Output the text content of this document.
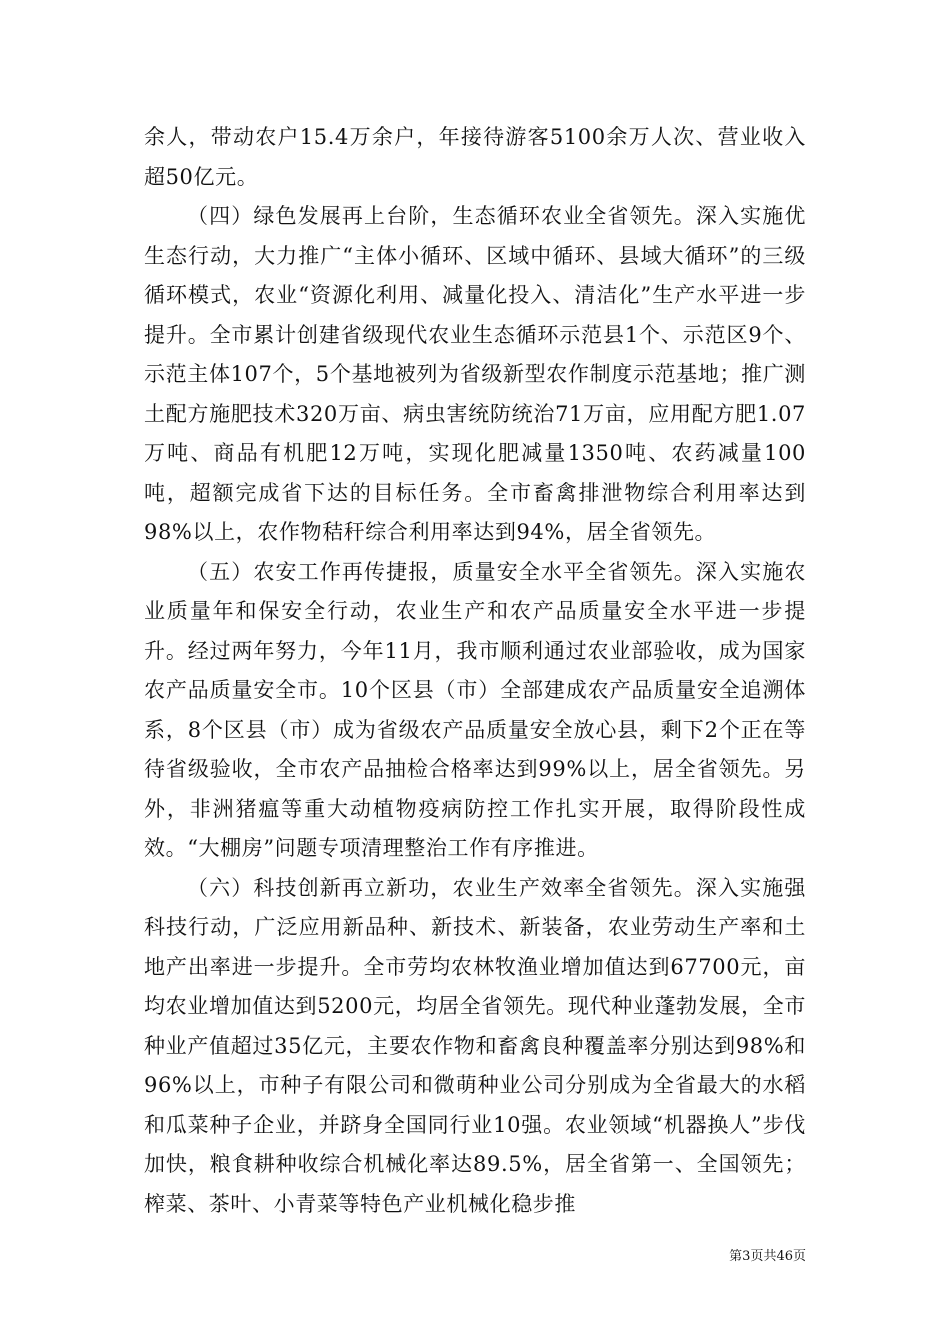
余人，带动农户15.4万余户，年接待游客5100余万人次、营业收入超50亿元。

（四）绿色发展再上台阶，生态循环农业全省领先。深入实施优生态行动，大力推广“主体小循环、区域中循环、县域大循环”的三级循环模式，农业“资源化利用、减量化投入、清洁化”生产水平进一步提升。全市累计创建省级现代农业生态循环示范县1个、示范区9个、示范主体107个，5个基地被列为省级新型农作制度示范基地；推广测土配方施肥技术320万亩、病虫害统防统治71万亩，应用配方肥1.07万吨、商品有机肥12万吨，实现化肥减量1350吨、农药减量100吨，超额完成省下达的目标任务。全市畜禽排泄物综合利用率达到98%以上，农作物秸秆综合利用率达到94%，居全省领先。

（五）农安工作再传捷报，质量安全水平全省领先。深入实施农业质量年和保安全行动，农业生产和农产品质量安全水平进一步提升。经过两年努力，今年11月，我市顺利通过农业部验收，成为国家农产品质量安全市。10个区县（市）全部建成农产品质量安全追溯体系，8个区县（市）成为省级农产品质量安全放心县，剩下2个正在等待省级验收，全市农产品抽检合格率达到99%以上，居全省领先。另外，非洲猪瘟等重大动植物疫病防控工作扎实开展，取得阶段性成效。“大棚房”问题专项清理整治工作有序推进。

（六）科技创新再立新功，农业生产效率全省领先。深入实施强科技行动，广泛应用新品种、新技术、新装备，农业劳动生产率和土地产出率进一步提升。全市劳均农林牧渔业增加值达到67700元，亩均农业增加值达到5200元，均居全省领先。现代种业蓬勃发展，全市种业产值超过35亿元，主要农作物和畜禽良种覆盖率分别达到98%和96%以上，市种子有限公司和微萌种业公司分别成为全省最大的水稻和瓜菜种子企业，并跻身全国同行业10强。农业领域“机器换人”步伐加快，粮食耕种收综合机械化率达89.5%，居全省第一、全国领先；榨菜、茶叶、小青菜等特色产业机械化稳步推

第3页共46页
